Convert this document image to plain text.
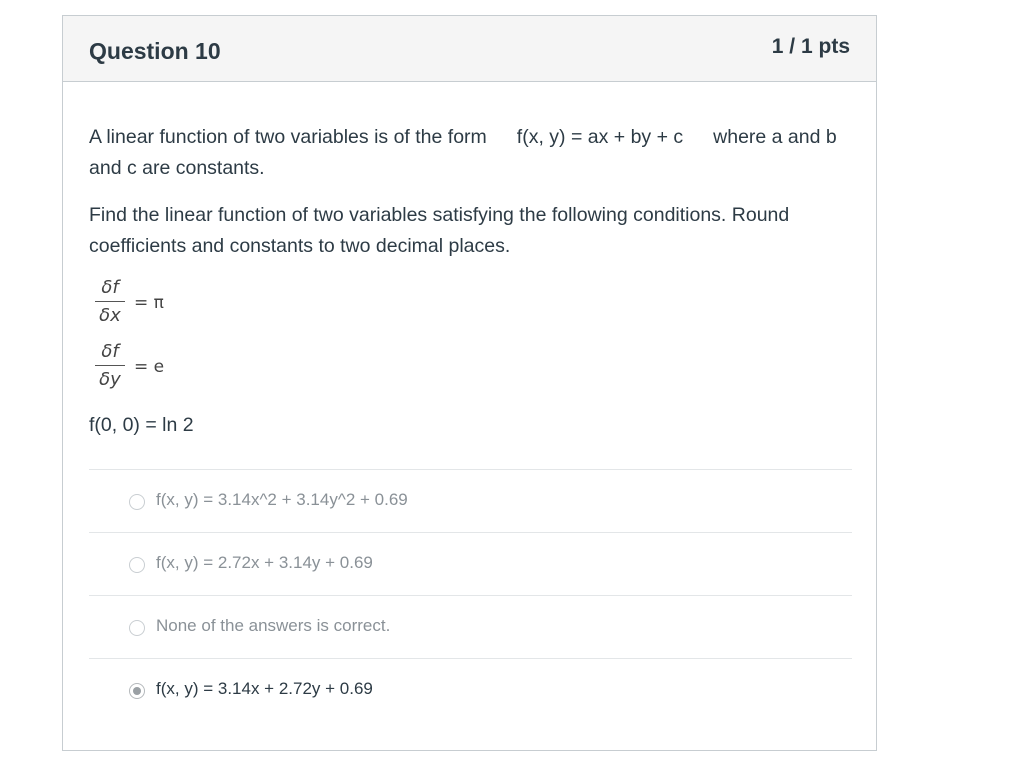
Question 10	1 / 1 pts

A linear function of two variables is of the form f(x, y) = ax + by + c where a and b and c are constants.

Find the linear function of two variables satisfying the following conditions. Round coefficients and constants to two decimal places.

δf
δx
= π
δf
δy
= e
f(0, 0) = ln 2
f(x, y) = 3.14x^2 + 3.14y^2 + 0.69
f(x, y) = 2.72x + 3.14y + 0.69
None of the answers is correct.
f(x, y) = 3.14x + 2.72y + 0.69
